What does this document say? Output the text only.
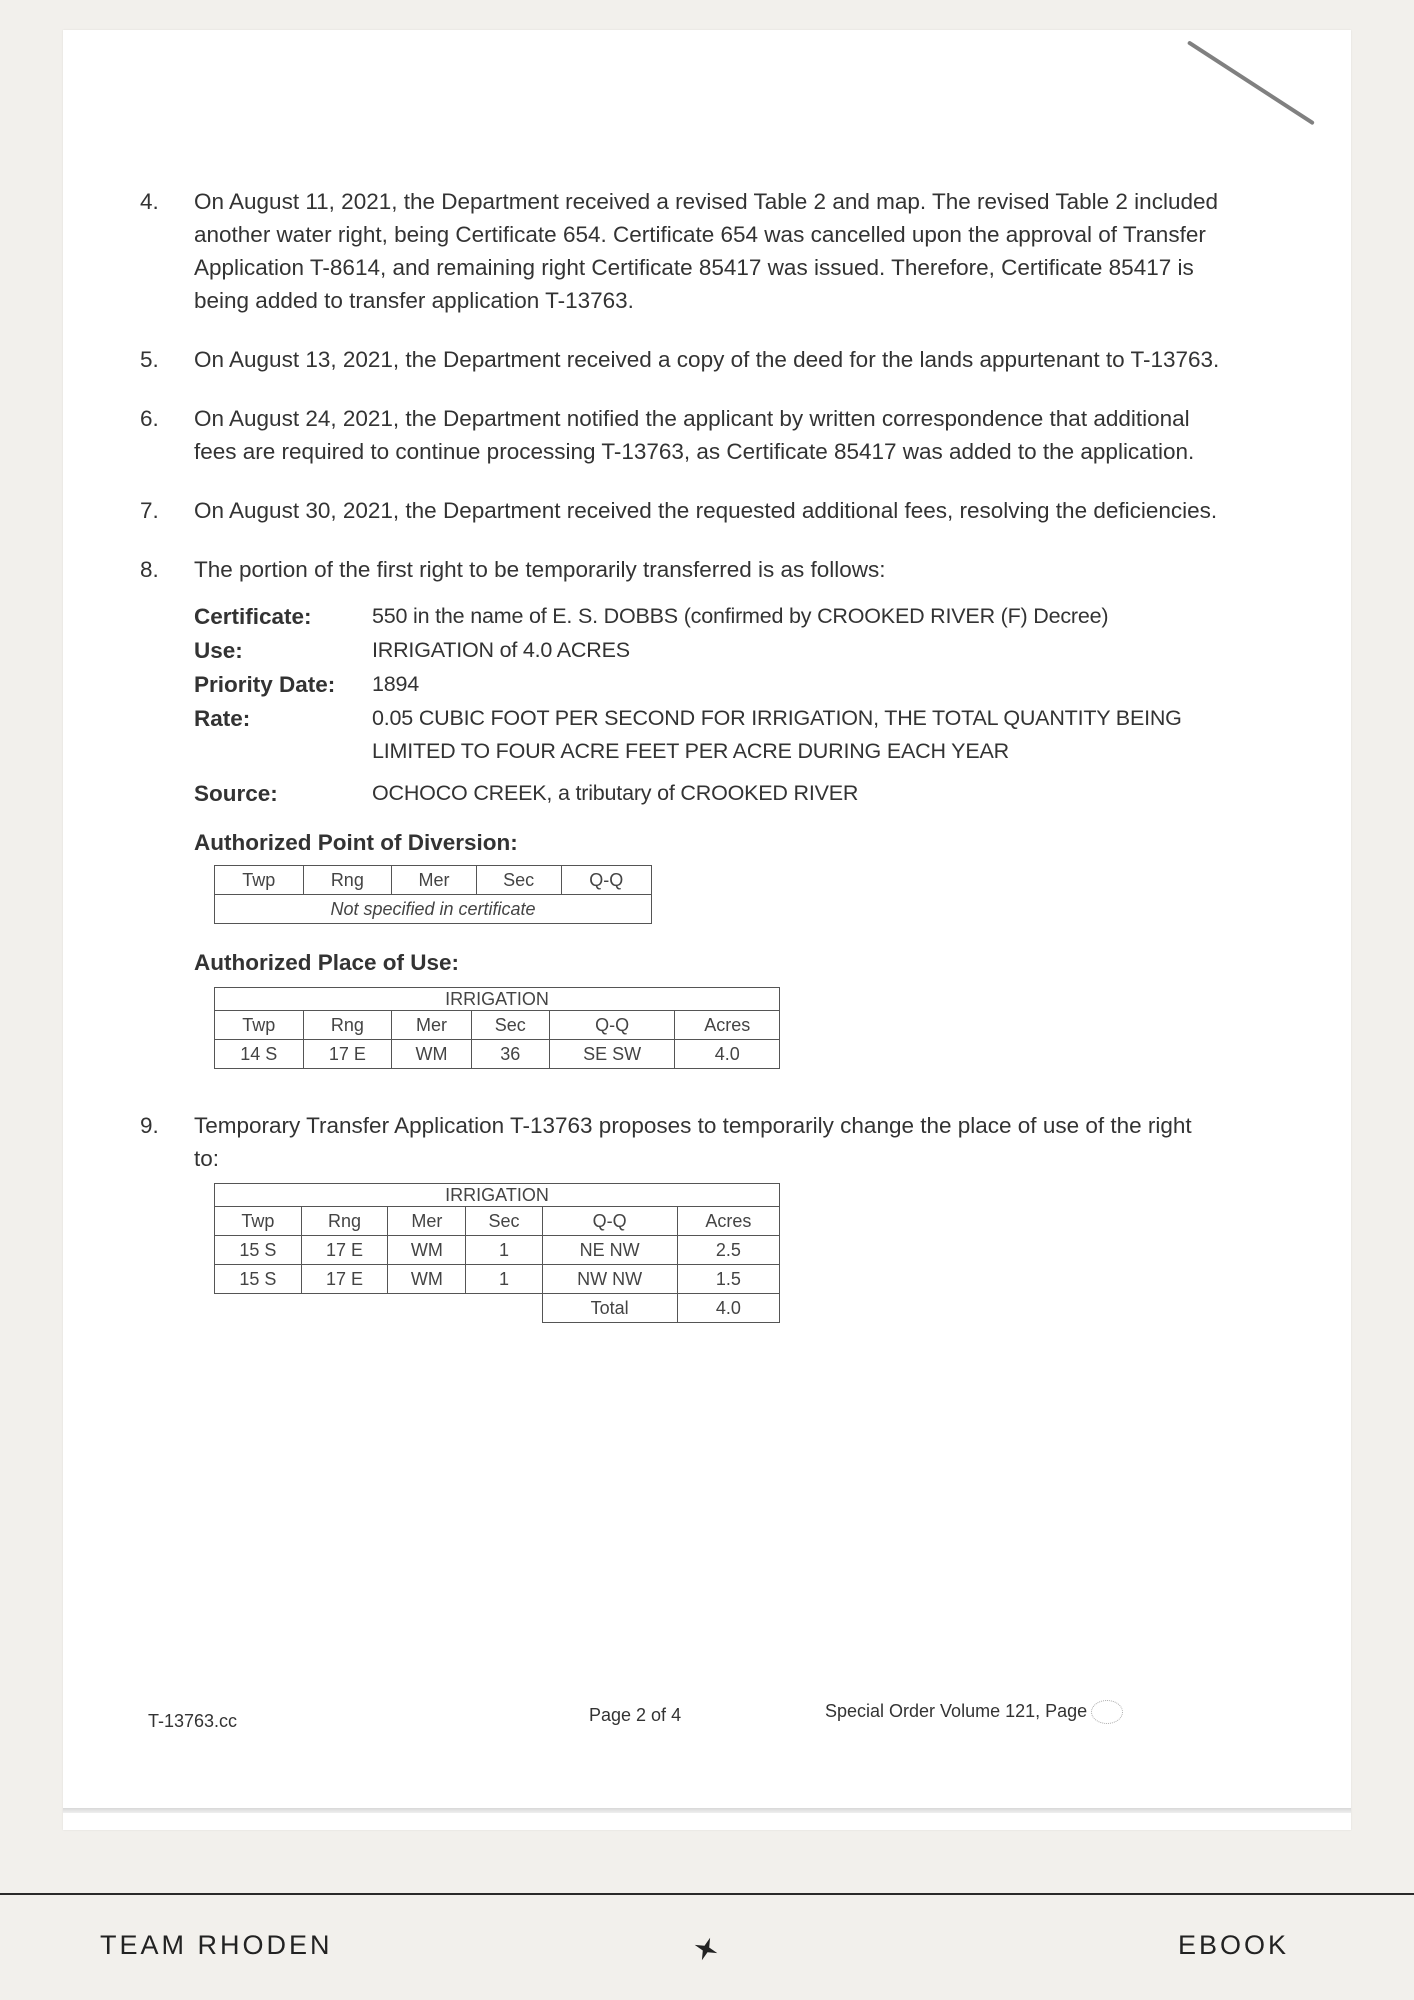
4. On August 11, 2021, the Department received a revised Table 2 and map. The revised Table 2 included another water right, being Certificate 654. Certificate 654 was cancelled upon the approval of Transfer Application T-8614, and remaining right Certificate 85417 was issued. Therefore, Certificate 85417 is being added to transfer application T-13763.
5. On August 13, 2021, the Department received a copy of the deed for the lands appurtenant to T-13763.
6. On August 24, 2021, the Department notified the applicant by written correspondence that additional fees are required to continue processing T-13763, as Certificate 85417 was added to the application.
7. On August 30, 2021, the Department received the requested additional fees, resolving the deficiencies.
8. The portion of the first right to be temporarily transferred is as follows:
Certificate:	550 in the name of E. S. DOBBS (confirmed by CROOKED RIVER (F) Decree)
Use:	IRRIGATION of 4.0 ACRES
Priority Date:	1894
Rate:	0.05 CUBIC FOOT PER SECOND FOR IRRIGATION, THE TOTAL QUANTITY BEING LIMITED TO FOUR ACRE FEET PER ACRE DURING EACH YEAR
Source:	OCHOCO CREEK, a tributary of CROOKED RIVER
Authorized Point of Diversion:
Twp	Rng	Mer	Sec	Q-Q
Not specified in certificate
Authorized Place of Use:
IRRIGATION					
Twp	Rng	Mer	Sec	Q-Q	Acres
14 S	17 E	WM	36	SE SW	4.0
9. Temporary Transfer Application T-13763 proposes to temporarily change the place of use of the right to:
IRRIGATION					
Twp	Rng	Mer	Sec	Q-Q	Acres
15 S	17 E	WM	1	NE NW	2.5
15 S	17 E	WM	1	NW NW	1.5
				Total	4.0
T-13763.cc	Page 2 of 4	Special Order Volume 121, Page
TEAM RHODEN	EBOOK
